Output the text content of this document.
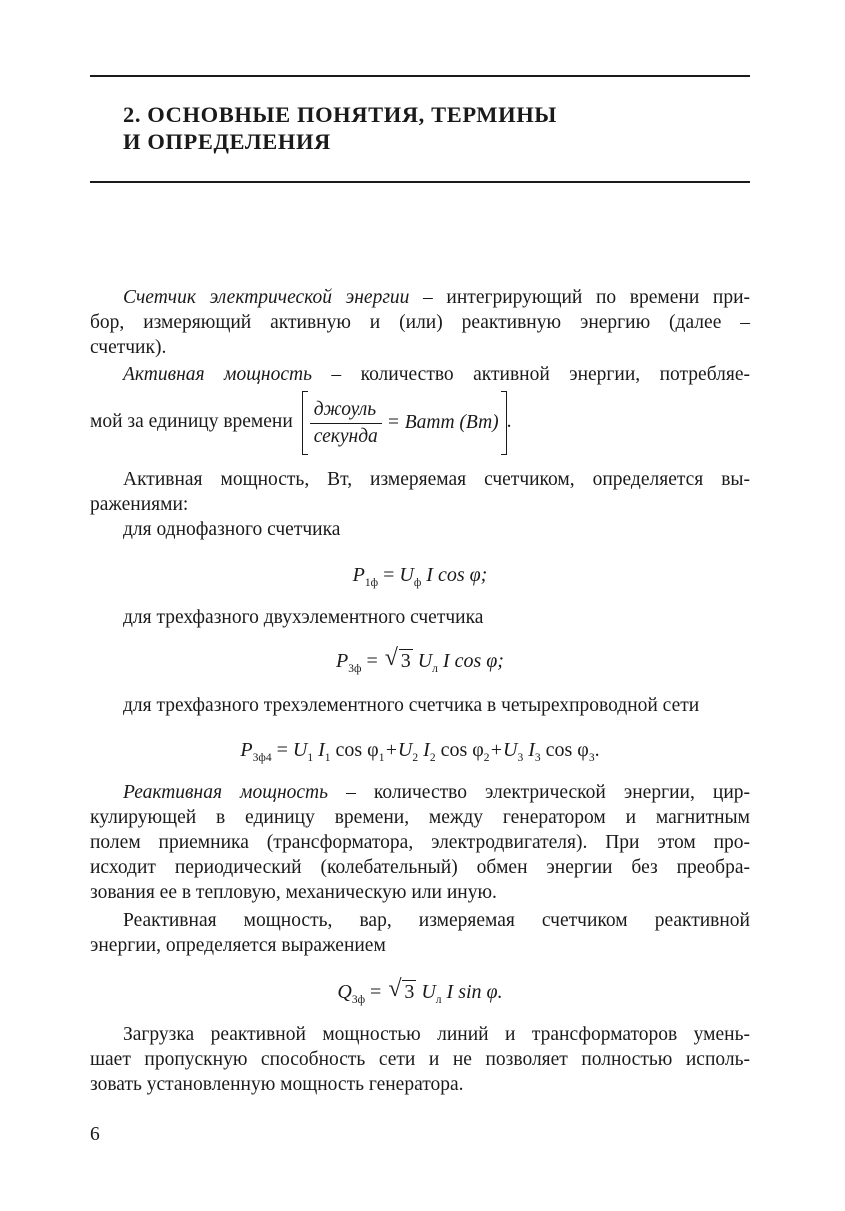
2. ОСНОВНЫЕ ПОНЯТИЯ, ТЕРМИНЫ
И ОПРЕДЕЛЕНИЯ
Счетчик электрической энергии – интегрирующий по времени при-
бор, измеряющий активную и (или) реактивную энергию (далее –
счетчик).
Активная мощность – количество активной энергии, потребляе-
мой за единицу времени $\frac{\text{джоуль}}{\text{секунда}}$ = Ватт (Вт) .
Активная мощность, Вт, измеряемая счетчиком, определяется вы-
ражениями:
для однофазного счетчика
$P_{1ф} = U_ф$ I cos φ;
для трехфазного двухэлементного счетчика
$P_{3ф}$ = √ 3 $U_л$ I cos φ;
для трехфазного трехэлементного счетчика в четырехпроводной сети
$P_{3ф4} = U_1$ $I_1$ $\cos \varphi_1+U_2$ $I_2$ $\cos \varphi_2+U_3$ $I_3$ $\cos \varphi_3$.
Реактивная мощность – количество электрической энергии, цир-
кулирующей в единицу времени, между генератором и магнитным
полем приемника (трансформатора, электродвигателя). При этом про-
исходит периодический (колебательный) обмен энергии без преобра-
зования ее в тепловую, механическую или иную.
Реактивная мощность, вар, измеряемая счетчиком реактивной
энергии, определяется выражением
$Q_{3ф}$ = √ 3 $U_л$ I sin φ.
Загрузка реактивной мощностью линий и трансформаторов умень-
шает пропускную способность сети и не позволяет полностью исполь-
зовать установленную мощность генератора.
6
